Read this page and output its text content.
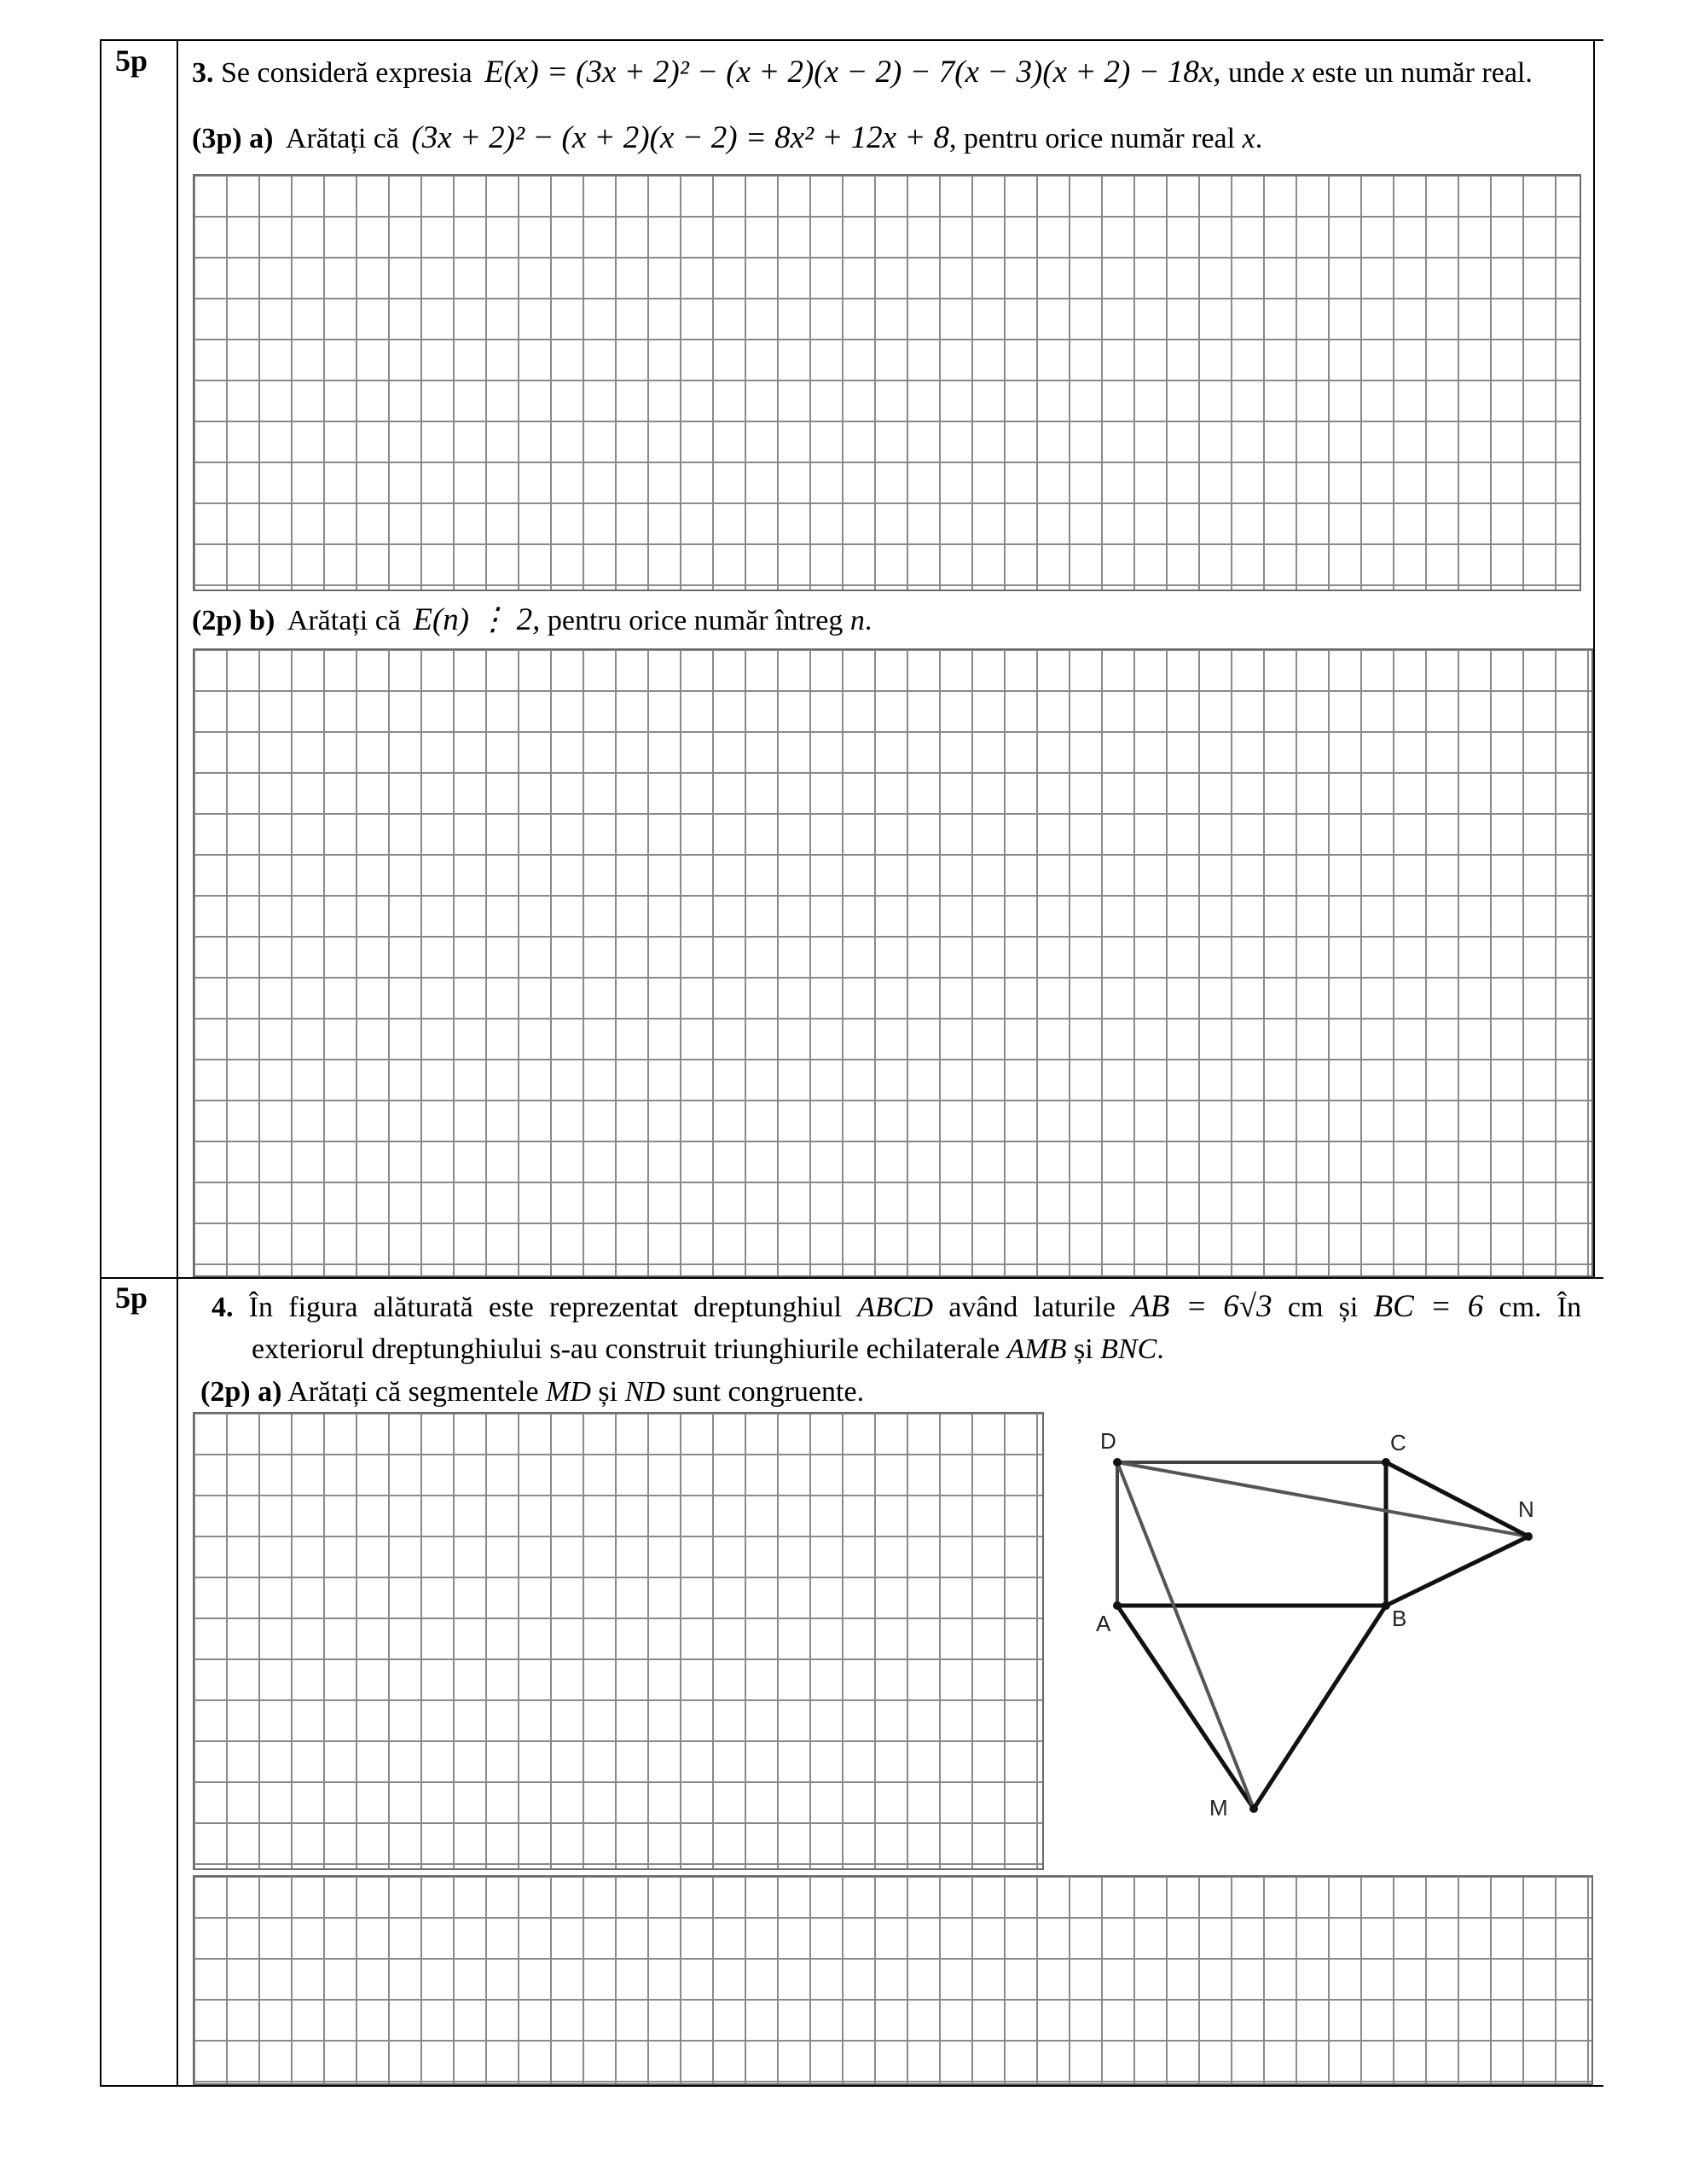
5p 3. Se consideră expresia E(x) = (3x + 2)² − (x + 2)(x − 2) − 7(x − 3)(x + 2) − 18x, unde x este un număr real.
(3p) a) Arătați că (3x + 2)² − (x + 2)(x − 2) = 8x² + 12x + 8, pentru orice număr real x.
(2p) b) Arătați că E(n) ⋮ 2, pentru orice număr întreg n.
5p 4. În figura alăturată este reprezentat dreptunghiul ABCD având laturile AB = 6√3 cm și BC = 6 cm. În
exteriorul dreptunghiului s-au construit triunghiurile echilaterale AMB și BNC.
(2p) a) Arătați că segmentele MD și ND sunt congruente.
D	C
N
A	B
M
